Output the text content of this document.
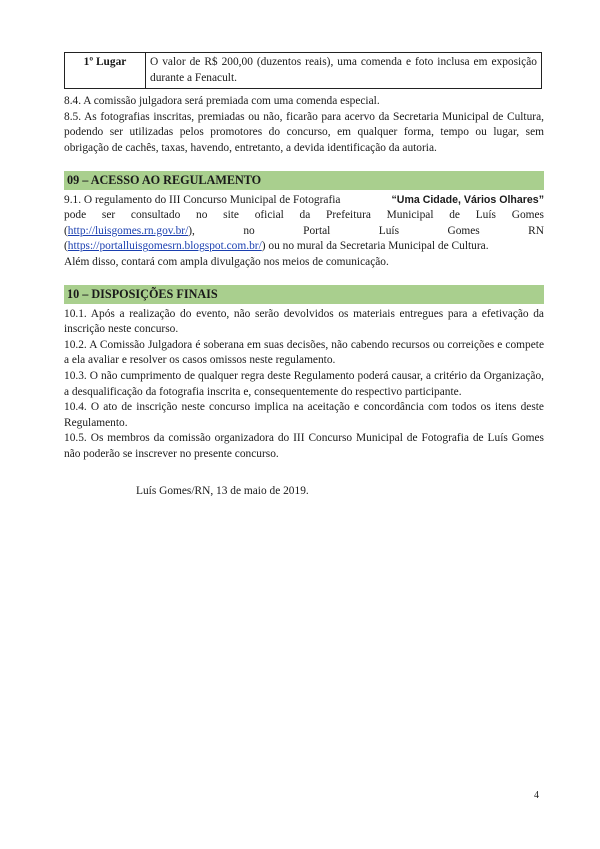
1º Lugar	O valor de R$ 200,00 (duzentos reais), uma comenda e foto inclusa em exposição durante a Fenacult.

8.4. A comissão julgadora será premiada com uma comenda especial.

8.5. As fotografias inscritas, premiadas ou não, ficarão para acervo da Secretaria Municipal de Cultura, podendo ser utilizadas pelos promotores do concurso, em qualquer forma, tempo ou lugar, sem obrigação de cachês, taxas, havendo, entretanto, a devida identificação da autoria.

09 – ACESSO AO REGULAMENTO
9.1. O regulamento do III Concurso Municipal de Fotografia	“Uma Cidade, Vários Olhares”

pode ser consultado no site oficial da Prefeitura Municipal de Luís Gomes

(http://luisgomes.rn.gov.br/),	no	Portal	Luís	Gomes	RN

(https://portalluisgomesrn.blogspot.com.br/) ou no mural da Secretaria Municipal de Cultura.

Além disso, contará com ampla divulgação nos meios de comunicação.

10 – DISPOSIÇÕES FINAIS

10.1. Após a realização do evento, não serão devolvidos os materiais entregues para a efetivação da inscrição neste concurso.

10.2. A Comissão Julgadora é soberana em suas decisões, não cabendo recursos ou correições e compete a ela avaliar e resolver os casos omissos neste regulamento.

10.3. O não cumprimento de qualquer regra deste Regulamento poderá causar, a critério da Organização, a desqualificação da fotografia inscrita e, consequentemente do respectivo participante.

10.4. O ato de inscrição neste concurso implica na aceitação e concordância com todos os itens deste Regulamento.

10.5. Os membros da comissão organizadora do III Concurso Municipal de Fotografia de Luís Gomes não poderão se inscrever no presente concurso.

Luís Gomes/RN, 13 de maio de 2019.

4
